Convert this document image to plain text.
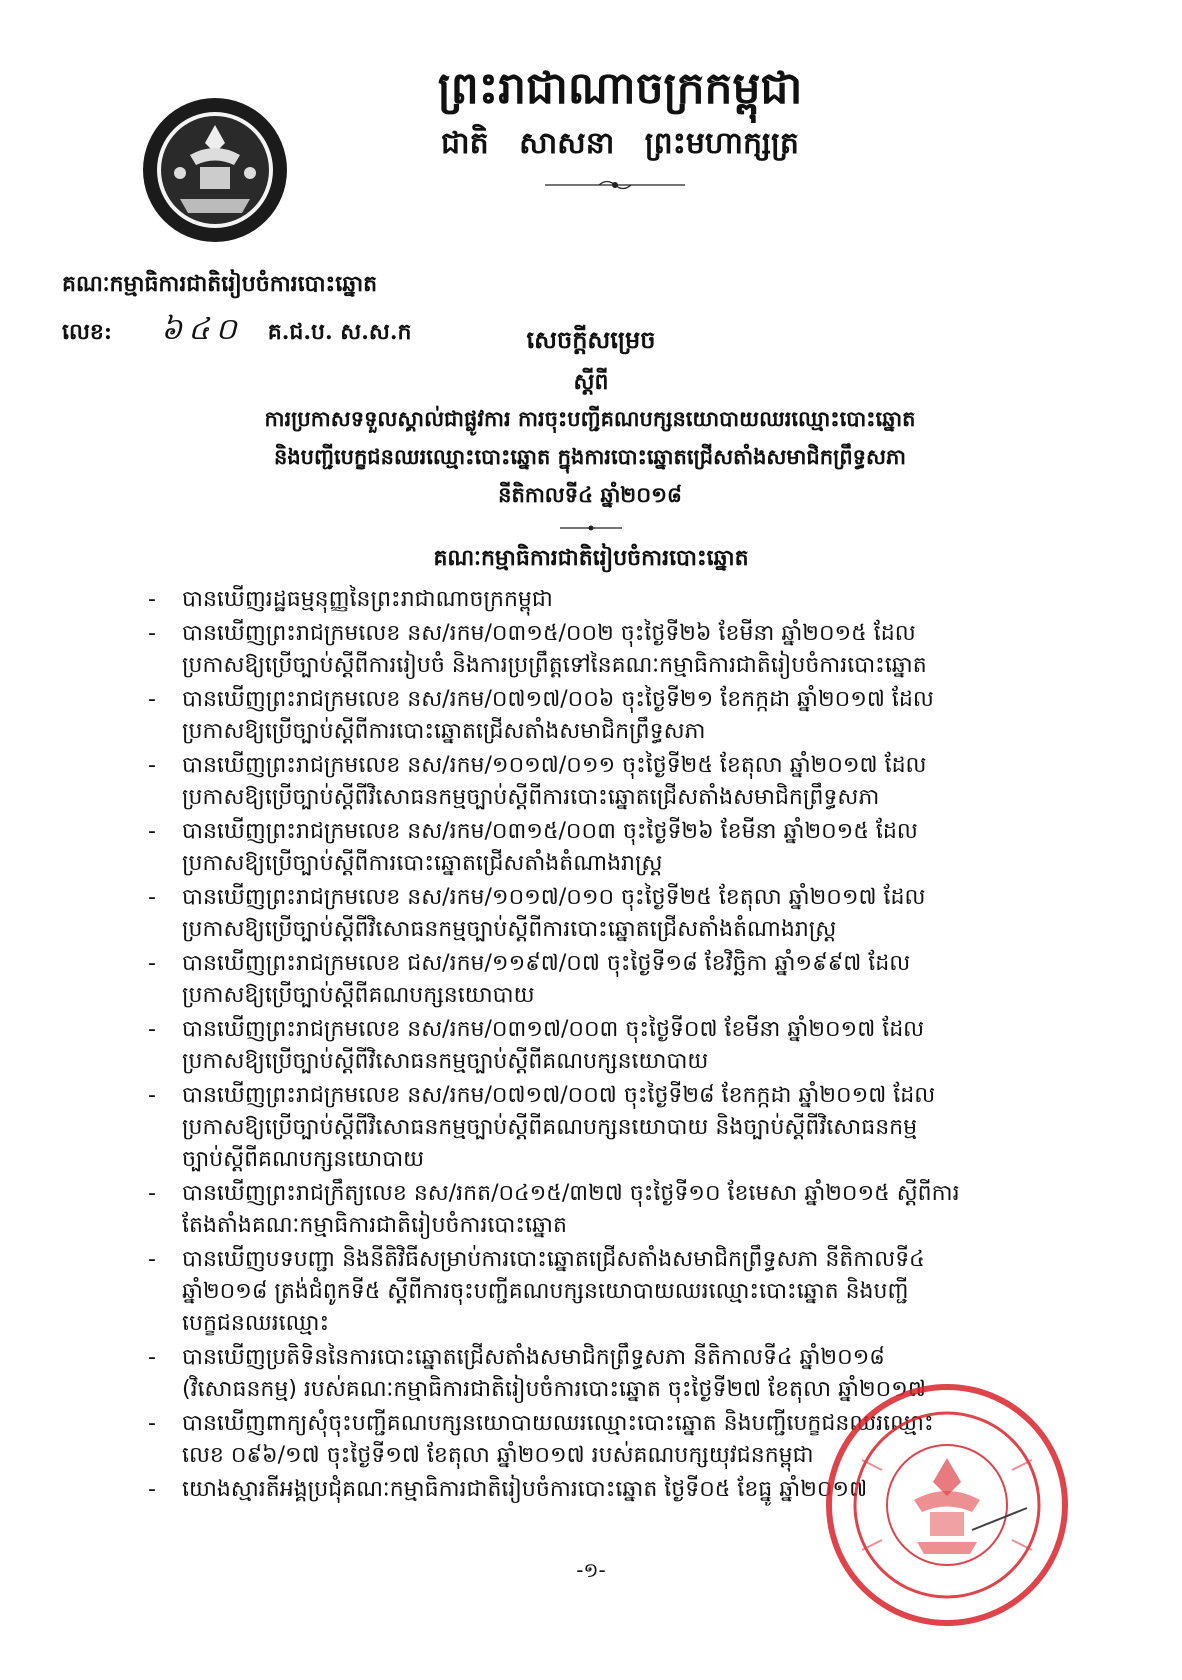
ព្រះរាជាណាចក្រកម្ពុជា
ជាតិ សាសនា ព្រះមហាក្សត្រ
គណៈកម្មាធិការជាតិរៀបចំការបោះឆ្នោត
លេខ: ៦៤០ គ.ជ.ប. ស.ស.ក	សេចក្ដីសម្រេច
ស្ដីពី
ការប្រកាសទទួលស្គាល់ជាផ្លូវការ ការចុះបញ្ជីគណបក្សនយោបាយឈរឈ្មោះបោះឆ្នោត
និងបញ្ជីបេក្ខជនឈរឈ្មោះបោះឆ្នោត ក្នុងការបោះឆ្នោតជ្រើសតាំងសមាជិកព្រឹទ្ធសភា
នីតិកាលទី៤ ឆ្នាំ២០១៨
គណៈកម្មាធិការជាតិរៀបចំការបោះឆ្នោត
- បានឃើញរដ្ឋធម្មនុញ្ញនៃព្រះរាជាណាចក្រកម្ពុជា
- បានឃើញព្រះរាជក្រមលេខ នស/រកម/០៣១៥/០០២ ចុះថ្ងៃទី២៦ ខែមីនា ឆ្នាំ២០១៥ ដែល
ប្រកាសឱ្យប្រើច្បាប់ស្ដីពីការរៀបចំ និងការប្រព្រឹត្តទៅនៃគណៈកម្មាធិការជាតិរៀបចំការបោះឆ្នោត
- បានឃើញព្រះរាជក្រមលេខ នស/រកម/០៧១៧/០០៦ ចុះថ្ងៃទី២១ ខែកក្កដា ឆ្នាំ២០១៧ ដែល
ប្រកាសឱ្យប្រើច្បាប់ស្ដីពីការបោះឆ្នោតជ្រើសតាំងសមាជិកព្រឹទ្ធសភា
- បានឃើញព្រះរាជក្រមលេខ នស/រកម/១០១៧/០១១ ចុះថ្ងៃទី២៥ ខែតុលា ឆ្នាំ២០១៧ ដែល
ប្រកាសឱ្យប្រើច្បាប់ស្ដីពីវិសោធនកម្មច្បាប់ស្ដីពីការបោះឆ្នោតជ្រើសតាំងសមាជិកព្រឹទ្ធសភា
- បានឃើញព្រះរាជក្រមលេខ នស/រកម/០៣១៥/០០៣ ចុះថ្ងៃទី២៦ ខែមីនា ឆ្នាំ២០១៥ ដែល
ប្រកាសឱ្យប្រើច្បាប់ស្ដីពីការបោះឆ្នោតជ្រើសតាំងតំណាងរាស្ត្រ
- បានឃើញព្រះរាជក្រមលេខ នស/រកម/១០១៧/០១០ ចុះថ្ងៃទី២៥ ខែតុលា ឆ្នាំ២០១៧ ដែល
ប្រកាសឱ្យប្រើច្បាប់ស្ដីពីវិសោធនកម្មច្បាប់ស្ដីពីការបោះឆ្នោតជ្រើសតាំងតំណាងរាស្ត្រ
- បានឃើញព្រះរាជក្រមលេខ ជស/រកម/១១៩៧/០៧ ចុះថ្ងៃទី១៨ ខែវិច្ឆិកា ឆ្នាំ១៩៩៧ ដែល
ប្រកាសឱ្យប្រើច្បាប់ស្ដីពីគណបក្សនយោបាយ
- បានឃើញព្រះរាជក្រមលេខ នស/រកម/០៣១៧/០០៣ ចុះថ្ងៃទី០៧ ខែមីនា ឆ្នាំ២០១៧ ដែល
ប្រកាសឱ្យប្រើច្បាប់ស្ដីពីវិសោធនកម្មច្បាប់ស្ដីពីគណបក្សនយោបាយ
- បានឃើញព្រះរាជក្រមលេខ នស/រកម/០៧១៧/០០៧ ចុះថ្ងៃទី២៨ ខែកក្កដា ឆ្នាំ២០១៧ ដែល
ប្រកាសឱ្យប្រើច្បាប់ស្ដីពីវិសោធនកម្មច្បាប់ស្ដីពីគណបក្សនយោបាយ និងច្បាប់ស្ដីពីវិសោធនកម្ម
ច្បាប់ស្ដីពីគណបក្សនយោបាយ
- បានឃើញព្រះរាជក្រឹត្យលេខ នស/រកត/០៤១៥/៣២៧ ចុះថ្ងៃទី១០ ខែមេសា ឆ្នាំ២០១៥ ស្ដីពីការ
តែងតាំងគណៈកម្មាធិការជាតិរៀបចំការបោះឆ្នោត
- បានឃើញបទបញ្ជា និងនីតិវិធីសម្រាប់ការបោះឆ្នោតជ្រើសតាំងសមាជិកព្រឹទ្ធសភា នីតិកាលទី៤
ឆ្នាំ២០១៨ ត្រង់ជំពូកទី៥ ស្ដីពីការចុះបញ្ជីគណបក្សនយោបាយឈរឈ្មោះបោះឆ្នោត និងបញ្ជី
បេក្ខជនឈរឈ្មោះ
- បានឃើញប្រតិទិននៃការបោះឆ្នោតជ្រើសតាំងសមាជិកព្រឹទ្ធសភា នីតិកាលទី៤ ឆ្នាំ២០១៨
(វិសោធនកម្ម) របស់គណៈកម្មាធិការជាតិរៀបចំការបោះឆ្នោត ចុះថ្ងៃទី២៧ ខែតុលា ឆ្នាំ២០១៧
- បានឃើញពាក្យសុំចុះបញ្ជីគណបក្សនយោបាយឈរឈ្មោះបោះឆ្នោត និងបញ្ជីបេក្ខជនឈរឈ្មោះ
លេខ ០៩៦/១៧ ចុះថ្ងៃទី១៧ ខែតុលា ឆ្នាំ២០១៧ របស់គណបក្សយុវជនកម្ពុជា
- យោងស្មារតីអង្គប្រជុំគណៈកម្មាធិការជាតិរៀបចំការបោះឆ្នោត ថ្ងៃទី០៥ ខែធ្នូ ឆ្នាំ២០១៧
-១-
